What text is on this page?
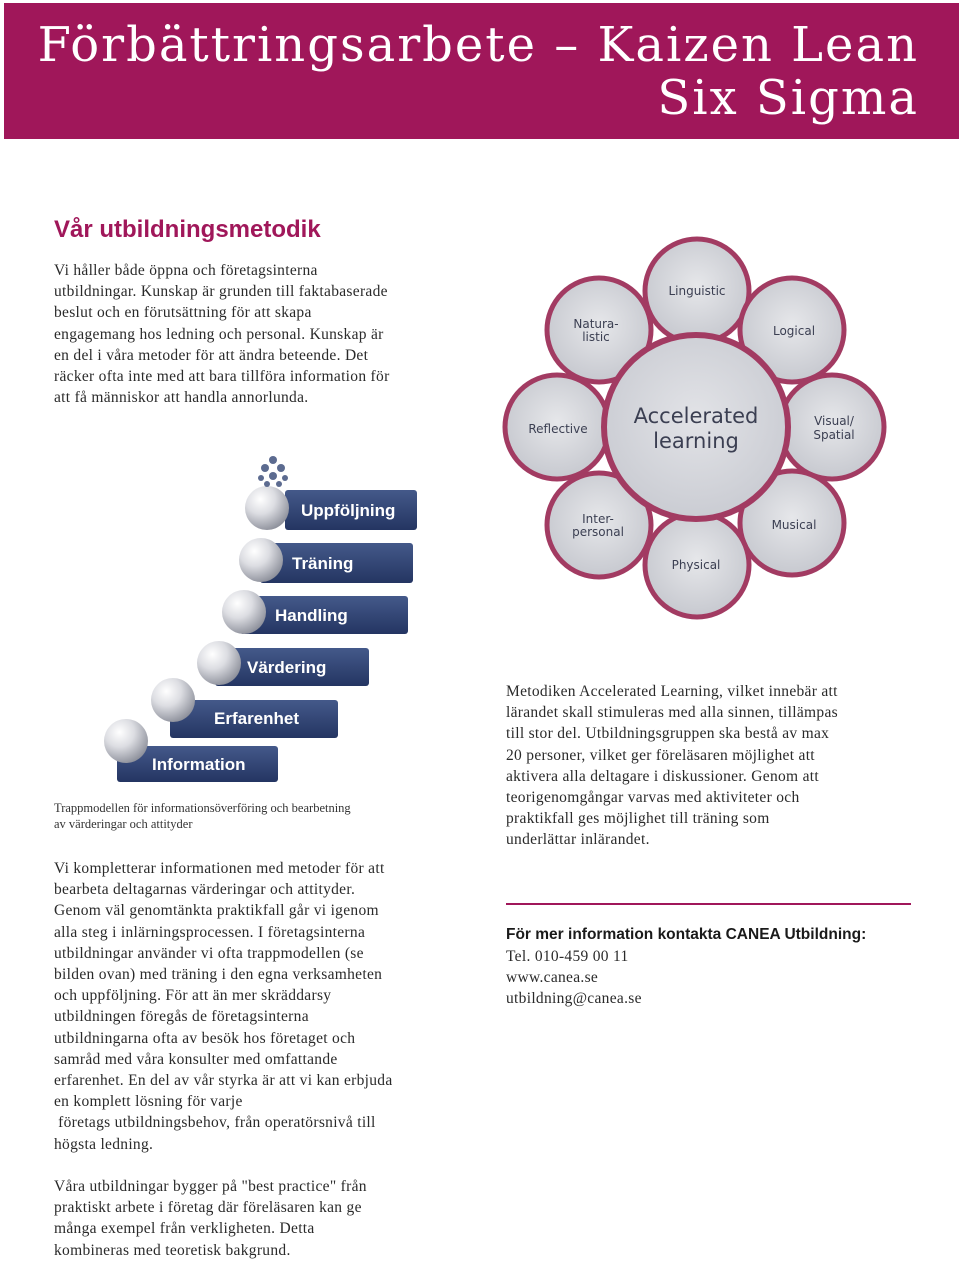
Förbättringsarbete – Kaizen Lean
Six Sigma
Vår utbildningsmetodik
Vi håller både öppna och företagsinterna
utbildningar. Kunskap är grunden till faktabaserade
beslut och en förutsättning för att skapa
engagemang hos ledning och personal. Kunskap är
en del i våra metoder för att ändra beteende. Det
räcker ofta inte med att bara tillföra information för
att få människor att handla annorlunda.
Uppföljning
Träning
Handling
Värdering
Erfarenhet
Information
Trappmodellen för informationsöverföring och bearbetning
av värderingar och attityder
Accelerated
learning
Linguistic
Logical
Visual/
Spatial
Musical
Physical
Inter-
personal
Reflective
Natura-
listic
Metodiken Accelerated Learning, vilket innebär att
lärandet skall stimuleras med alla sinnen, tillämpas
till stor del. Utbildningsgruppen ska bestå av max
20 personer, vilket ger föreläsaren möjlighet att
aktivera alla deltagare i diskussioner. Genom att
teorigenomgångar varvas med aktiviteter och
praktikfall ges möjlighet till träning som
underlättar inlärandet.
Vi kompletterar informationen med metoder för att
bearbeta deltagarnas värderingar och attityder.
Genom väl genomtänkta praktikfall går vi igenom
alla steg i inlärningsprocessen. I företagsinterna
utbildningar använder vi ofta trappmodellen (se
bilden ovan) med träning i den egna verksamheten
och uppföljning. För att än mer skräddarsy
utbildningen föregås de företagsinterna
utbildningarna ofta av besök hos företaget och
samråd med våra konsulter med omfattande
erfarenhet. En del av vår styrka är att vi kan erbjuda
en komplett lösning för varje
företags utbildningsbehov, från operatörsnivå till
högsta ledning.
Våra utbildningar bygger på "best practice" från
praktiskt arbete i företag där föreläsaren kan ge
många exempel från verkligheten. Detta
kombineras med teoretisk bakgrund.
För mer information kontakta CANEA Utbildning:
Tel. 010-459 00 11
www.canea.se
utbildning@canea.se
